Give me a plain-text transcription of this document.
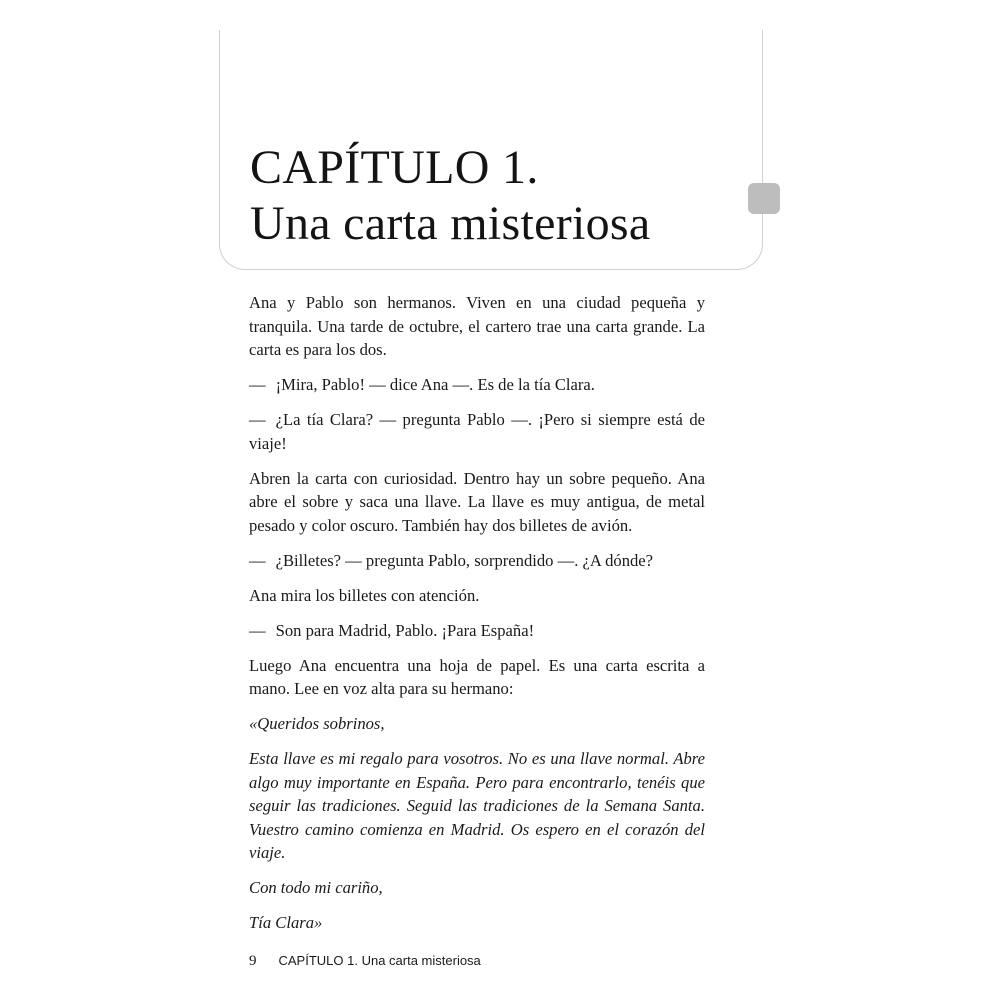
CAPÍTULO 1.
Una carta misteriosa

Ana y Pablo son hermanos. Viven en una ciudad pequeña y tranquila. Una tarde de octubre, el cartero trae una carta grande. La carta es para los dos.

— ¡Mira, Pablo! — dice Ana —. Es de la tía Clara.

— ¿La tía Clara? — pregunta Pablo —. ¡Pero si siempre está de viaje!

Abren la carta con curiosidad. Dentro hay un sobre pequeño. Ana abre el sobre y saca una llave. La llave es muy antigua, de metal pesado y color oscuro. También hay dos billetes de avión.

— ¿Billetes? — pregunta Pablo, sorprendido —. ¿A dónde?

Ana mira los billetes con atención.

— Son para Madrid, Pablo. ¡Para España!

Luego Ana encuentra una hoja de papel. Es una carta escrita a mano. Lee en voz alta para su hermano:

«Queridos sobrinos,

Esta llave es mi regalo para vosotros. No es una llave normal. Abre algo muy importante en España. Pero para encontrarlo, tenéis que seguir las tradiciones. Seguid las tradiciones de la Semana Santa. Vuestro camino comienza en Madrid. Os espero en el corazón del viaje.

Con todo mi cariño,

Tía Clara»

9 CAPÍTULO 1. Una carta misteriosa
